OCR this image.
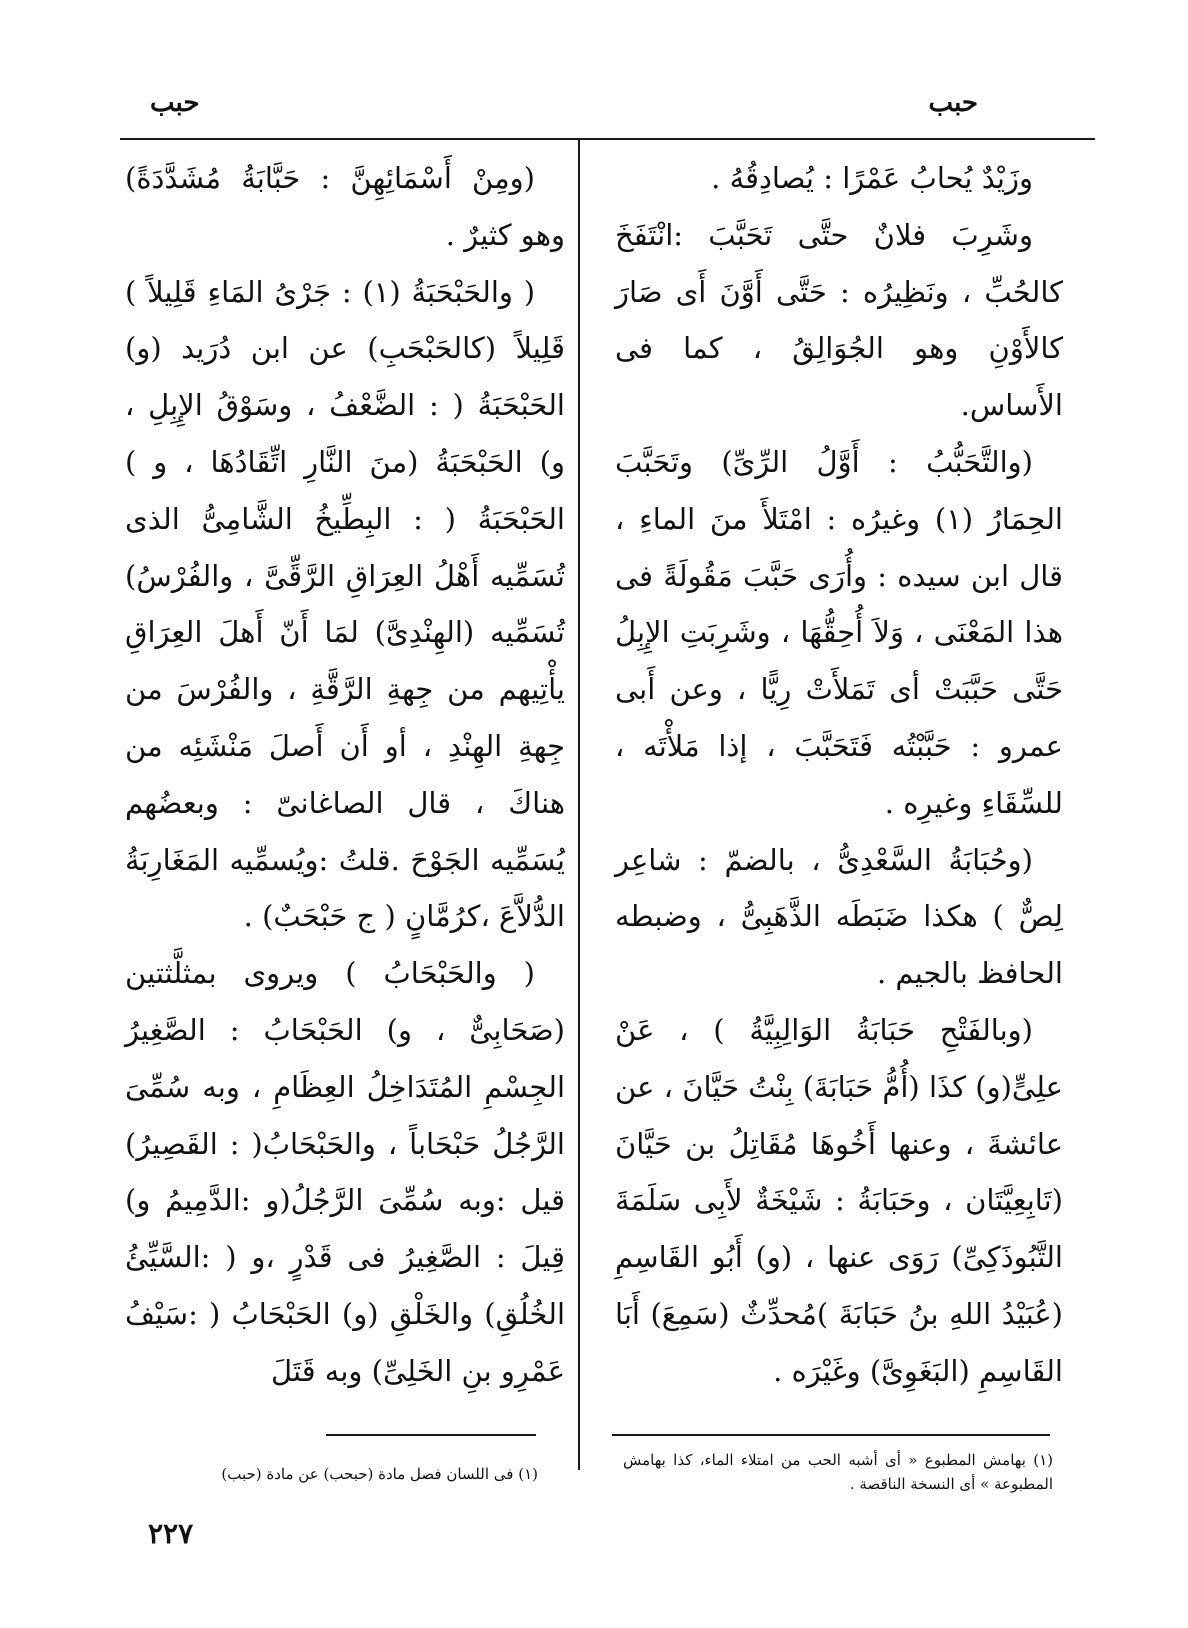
حبب
حبب

وزَيْدٌ يُحابُ عَمْرًا : يُصادِقُهُ .

وشَرِبَ فلانٌ حتَّى تَحَبَّبَ :انْتَفَخَ كالحُبِّ ، ونَظِيرُه : حَتَّى أَوَّنَ أَى صَارَ كالأَوْنِ وهو الجُوَالِقُ ، كما فى الأَساس.

(والتَّحَبُّبُ : أَوَّلُ الرِّىِّ) وتَحَبَّبَ الحِمَارُ (١) وغيرُه : امْتَلأَ منَ الماءِ ، قال ابن سيده : وأُرَى حَبَّبَ مَقُولَةً فى هذا المَعْنَى ، وَلاَ أُحِقُّهَا ، وشَرِبَتِ الإِبِلُ حَتَّى حَبَّبَتْ أى تَمَلأَتْ رِيًّا ، وعن أَبى عمرو : حَبَّبْتُه فَتَحَبَّبَ ، إذا مَلأْتَه ، للسِّقَاءِ وغيرِه .

(وحُبَابَةُ السَّعْدِىُّ ، بالضمّ : شاعِر لِصٌّ ) هكذا ضَبَطَه الذَّهَبِىُّ ، وضبطه الحافظ بالجيم .

(وبالفَتْحِ حَبَابَةُ الوَالِبِيَّةُ ) ، عَنْ علِىٍّ(و) كذَا (أُمُّ حَبَابَةَ) بِنْتُ حَيَّانَ ، عن عائشةَ ، وعنها أَخُوهَا مُقَاتِلُ بن حَيَّانَ (تَابِعِيَّتَان ، وحَبَابَةُ : شَيْخَةٌ لأَبِى سَلَمَةَ التَّبُوذَكِىِّ) رَوَى عنها ، (و) أَبُو القَاسِمِ (عُبَيْدُ اللهِ بنُ حَبَابَةَ )مُحدِّثٌ (سَمِعَ) أَبَا القَاسِمِ (البَغَوِىَّ) وغَيْرَه .

(ومِنْ أَسْمَائِهِنَّ : حَبَّابَةُ مُشَدَّدَةً) وهو كثيرٌ .

( والحَبْحَبَةُ (١) : جَرْىُ المَاءِ قَلِيلاً ) قَلِيلاً (كالحَبْحَبِ) عن ابن دُرَيد (و) الحَبْحَبَةُ ( : الضَّعْفُ ، وسَوْقُ الإِبِلِ ، و) الحَبْحَبَةُ (منَ النَّارِ اتِّقَادُهَا ، و ) الحَبْحَبَةُ ( : البِطِّيخُ الشَّامِىُّ الذى تُسَمِّيه أَهْلُ العِرَاقِ الرَّقِّىَّ ، والفُرْسُ) تُسَمِّيه (الهِنْدِىَّ) لمَا أَنّ أَهلَ العِرَاقِ يأْتِيهم من جِهةِ الرَّقَّةِ ، والفُرْسَ من جِهةِ الهِنْدِ ، أو أَن أَصلَ مَنْشَئِه من هناكَ ، قال الصاغانىّ : وبعضُهم يُسَمِّيه الجَوْحَ .قلتُ :ويُسمِّيه المَغَارِبَةُ الدُّلاَّعَ ،كرُمَّانٍ ( ج حَبْحَبٌ) .

( والحَبْحَابُ ) ويروى بمثلَّثتين (صَحَابِىٌّ ، و) الحَبْحَابُ : الصَّغِيرُ الجِسْمِ المُتَدَاخِلُ العِظَامِ ، وبه سُمِّىَ الرَّجُلُ حَبْحَاباً ، والحَبْحَابُ( : القَصِيرُ) قيل :وبه سُمِّىَ الرَّجُلُ(و :الدَّمِيمُ و) قِيلَ : الصَّغِيرُ فى قَدْرٍ ،و ( :السَّيِّئُ الخُلُقِ) والخَلْقِ (و) الحَبْحَابُ ( :سَيْفُ عَمْرِو بنِ الخَلِىِّ) وبه قَتَلَ

(١) بهامش المطبوع « أى أشبه الحب من امتلاء الماء، كذا بهامش المطبوعة » أى النسخة الناقصة .
(١) فى اللسان فصل مادة (حبحب) عن مادة (حبب)
٢٢٧
